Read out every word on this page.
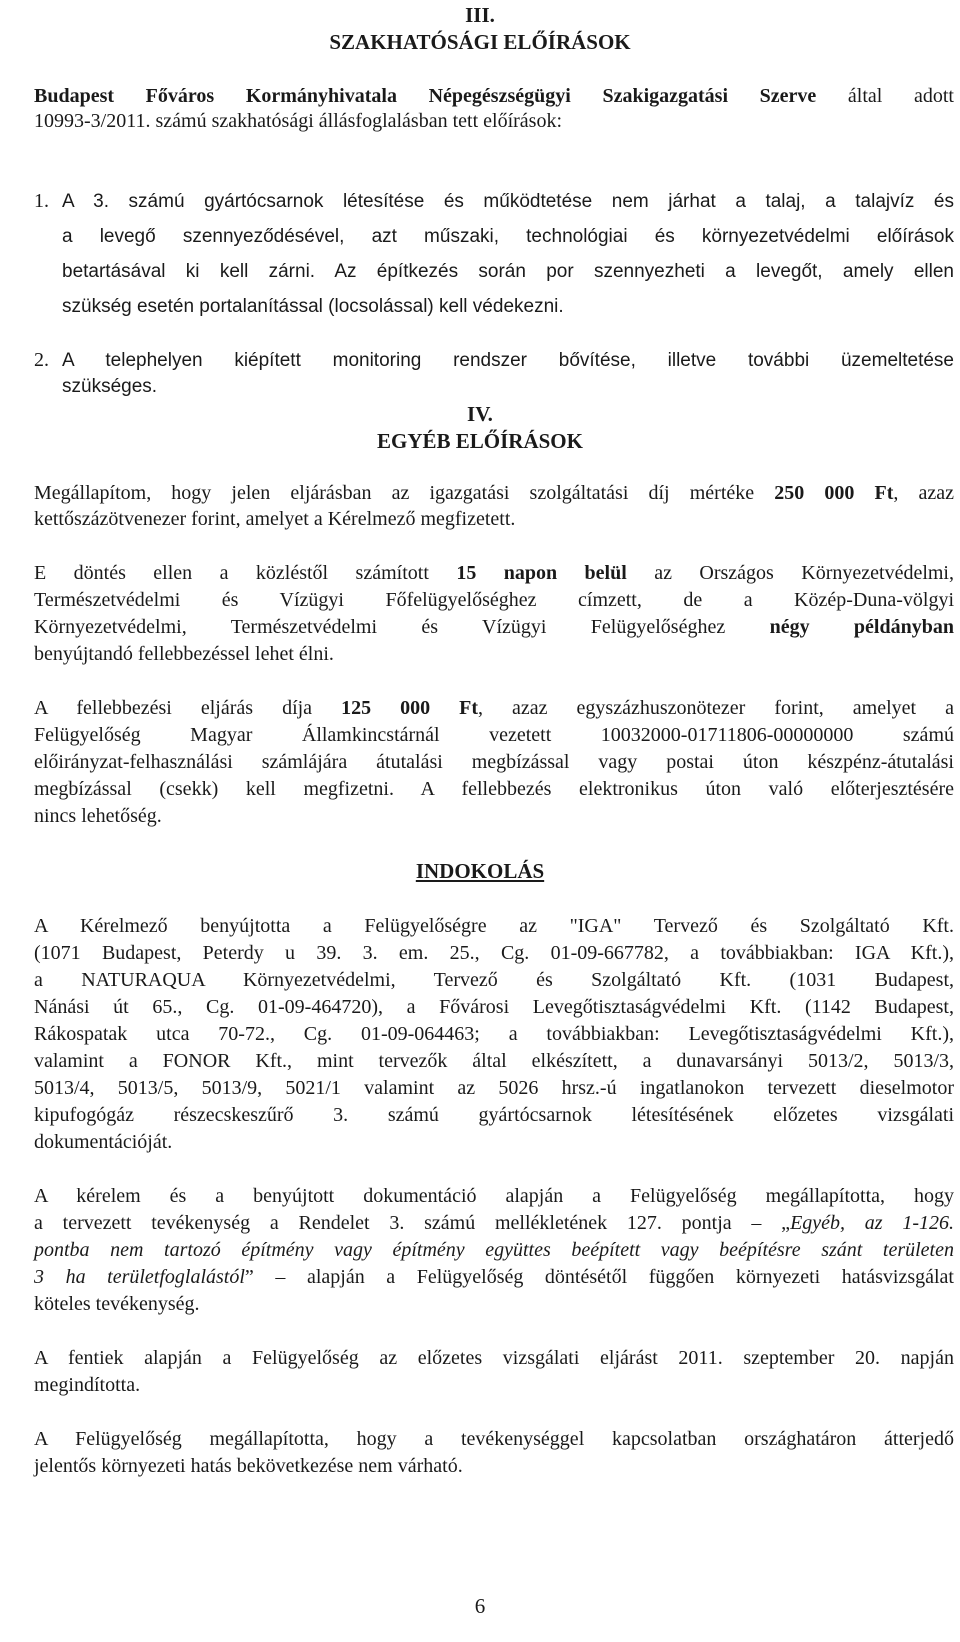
III.
SZAKHATÓSÁGI ELŐÍRÁSOK
Budapest Főváros Kormányhivatala Népegészségügyi Szakigazgatási Szerve által adott
10993-3/2011. számú szakhatósági állásfoglalásban tett előírások:
1. A 3. számú gyártócsarnok létesítése és működtetése nem járhat a talaj, a talajvíz és
a levegő szennyeződésével, azt műszaki, technológiai és környezetvédelmi előírások
betartásával ki kell zárni. Az építkezés során por szennyezheti a levegőt, amely ellen
szükség esetén portalanítással (locsolással) kell védekezni.
2. A telephelyen kiépített monitoring rendszer bővítése, illetve további üzemeltetése
szükséges.
IV.
EGYÉB ELŐÍRÁSOK
Megállapítom, hogy jelen eljárásban az igazgatási szolgáltatási díj mértéke 250 000 Ft, azaz
kettőszázötvenezer forint, amelyet a Kérelmező megfizetett.
E döntés ellen a közléstől számított 15 napon belül az Országos Környezetvédelmi,
Természetvédelmi és Vízügyi Főfelügyelőséghez címzett, de a Közép-Duna-völgyi
Környezetvédelmi, Természetvédelmi és Vízügyi Felügyelőséghez négy példányban
benyújtandó fellebbezéssel lehet élni.
A fellebbezési eljárás díja 125 000 Ft, azaz egyszázhuszonötezer forint, amelyet a
Felügyelőség Magyar Államkincstárnál vezetett 10032000-01711806-00000000 számú
előirányzat-felhasználási számlájára átutalási megbízással vagy postai úton készpénz-átutalási
megbízással (csekk) kell megfizetni. A fellebbezés elektronikus úton való előterjesztésére
nincs lehetőség.
INDOKOLÁS
A Kérelmező benyújtotta a Felügyelőségre az "IGA" Tervező és Szolgáltató Kft.
(1071 Budapest, Peterdy u 39. 3. em. 25., Cg. 01-09-667782, a továbbiakban: IGA Kft.),
a NATURAQUA Környezetvédelmi, Tervező és Szolgáltató Kft. (1031 Budapest,
Nánási út 65., Cg. 01-09-464720), a Fővárosi Levegőtisztaságvédelmi Kft. (1142 Budapest,
Rákospatak utca 70-72., Cg. 01-09-064463; a továbbiakban: Levegőtisztaságvédelmi Kft.),
valamint a FONOR Kft., mint tervezők által elkészített, a dunavarsányi 5013/2, 5013/3,
5013/4, 5013/5, 5013/9, 5021/1 valamint az 5026 hrsz.-ú ingatlanokon tervezett dieselmotor
kipufogógáz részecskeszűrő 3. számú gyártócsarnok létesítésének előzetes vizsgálati
dokumentációját.
A kérelem és a benyújtott dokumentáció alapján a Felügyelőség megállapította, hogy
a tervezett tevékenység a Rendelet 3. számú mellékletének 127. pontja – „Egyéb, az 1-126.
pontba nem tartozó építmény vagy építmény együttes beépített vagy beépítésre szánt területen
3 ha területfoglalástól” – alapján a Felügyelőség döntésétől függően környezeti hatásvizsgálat
köteles tevékenység.
A fentiek alapján a Felügyelőség az előzetes vizsgálati eljárást 2011. szeptember 20. napján
megindította.
A Felügyelőség megállapította, hogy a tevékenységgel kapcsolatban országhatáron átterjedő
jelentős környezeti hatás bekövetkezése nem várható.
6
